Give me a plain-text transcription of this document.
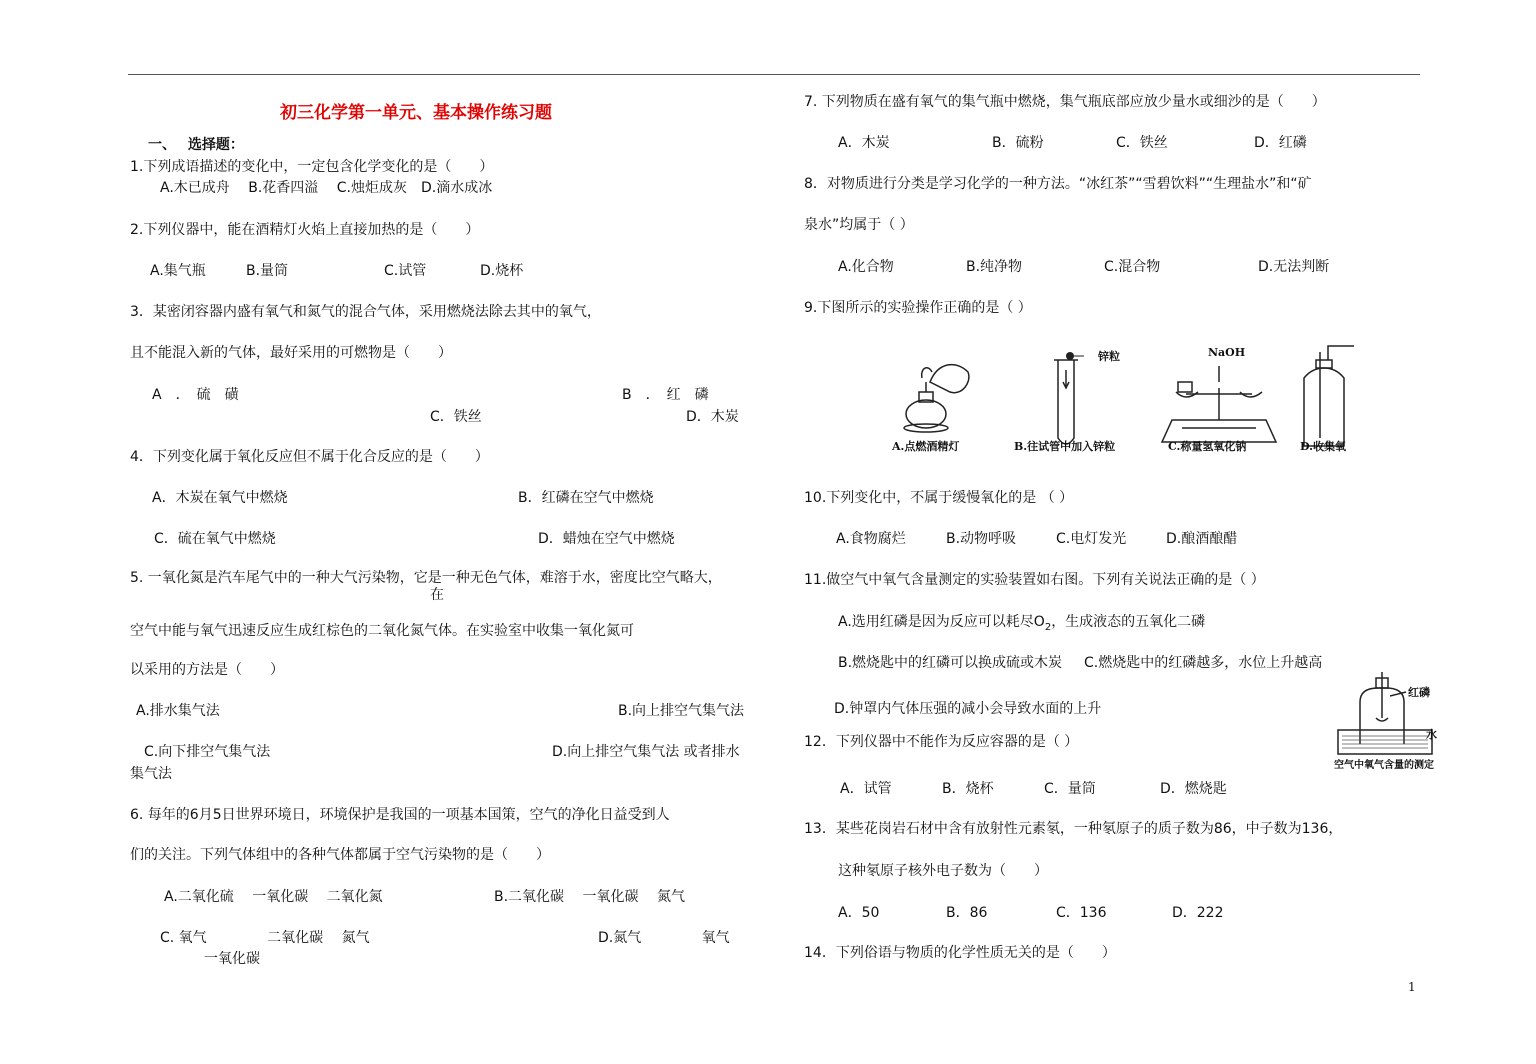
初三化学第一单元、基本操作练习题
一、　 选择题：
1.下列成语描述的变化中，一定包含化学变化的是（　　）
A.木已成舟　 B.花香四溢　 C.烛炬成灰　D.滴水成冰
2.下列仪器中，能在酒精灯火焰上直接加热的是（　　）
A.集气瓶	B.量筒	C.试管	D.烧杯
3．某密闭容器内盛有氧气和氮气的混合气体，采用燃烧法除去其中的氧气，
且不能混入新的气体，最好采用的可燃物是（　　）
A　．　硫　磺	B　．　红　磷
C．铁丝	D．木炭
4．下列变化属于氧化反应但不属于化合反应的是（　　）
A．木炭在氧气中燃烧	B．红磷在空气中燃烧
C．硫在氧气中燃烧	D．蜡烛在空气中燃烧
5. 一氧化氮是汽车尾气中的一种大气污染物，它是一种无色气体，难溶于水，密度比空气略大，
在
空气中能与氧气迅速反应生成红棕色的二氧化氮气体。在实验室中收集一氧化氮可
以采用的方法是（　　）
A.排水集气法	B.向上排空气集气法
C.向下排空气集气法	D.向上排空气集气法 或者排水
集气法
6. 每年的6月5日世界环境日，环境保护是我国的一项基本国策，空气的净化日益受到人
们的关注。下列气体组中的各种气体都属于空气污染物的是（　　）
A.二氧化硫　 一氧化碳　 二氧化氮	B.二氧化碳　 一氧化碳　 氮气
C. 氧气　　　　 二氧化碳　 氮气	D.氮气　　　　 氧气
一氧化碳
7. 下列物质在盛有氧气的集气瓶中燃烧，集气瓶底部应放少量水或细沙的是（　　）
A．木炭	B．硫粉	C．铁丝	D．红磷
8．对物质进行分类是学习化学的一种方法。“冰红茶”“雪碧饮料”“生理盐水”和“矿
泉水”均属于（ ）
A.化合物	B.纯净物	C.混合物	D.无法判断
9.下图所示的实验操作正确的是（ ）
锌粒	NaOH
A.点燃酒精灯	B.往试管中加入锌粒	C.称量氢氧化钠	D.收集氧
10.下列变化中，不属于缓慢氧化的是 （ ）
A.食物腐烂	B.动物呼吸	C.电灯发光	D.酿酒酿醋
11.做空气中氧气含量测定的实验装置如右图。下列有关说法正确的是（ ）
A.选用红磷是因为反应可以耗尽$O_2$，生成液态的五氧化二磷
B.燃烧匙中的红磷可以换成硫或木炭 C.燃烧匙中的红磷越多，水位上升越高
D.钟罩内气体压强的减小会导致水面的上升
红磷
水
空气中氧气含量的测定
12．下列仪器中不能作为反应容器的是（ ）
A．试管	B．烧杯	C．量筒	D．燃烧匙
13．某些花岗岩石材中含有放射性元素氡，一种氡原子的质子数为86，中子数为136，
这种氡原子核外电子数为（　　）
A．50	B．86	C．136	D．222
14．下列俗语与物质的化学性质无关的是（　　）
1
